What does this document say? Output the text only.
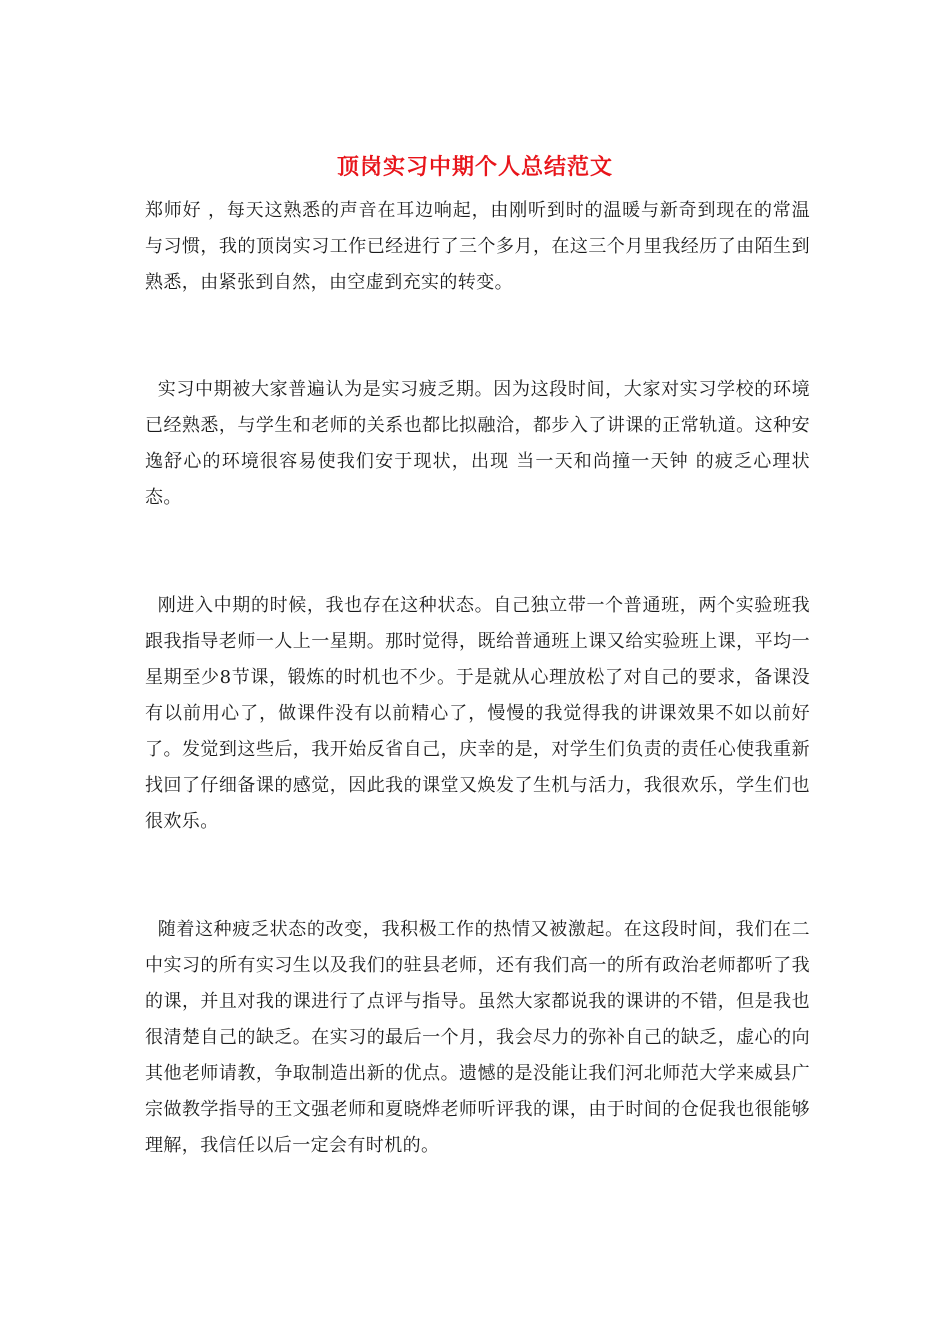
顶岗实习中期个人总结范文

郑师好 ，每天这熟悉的声音在耳边响起，由刚听到时的温暖与新奇到现在的常温与习惯，我的顶岗实习工作已经进行了三个多月，在这三个月里我经历了由陌生到熟悉，由紧张到自然，由空虚到充实的转变。

实习中期被大家普遍认为是实习疲乏期。因为这段时间，大家对实习学校的环境已经熟悉，与学生和老师的关系也都比拟融洽，都步入了讲课的正常轨道。这种安逸舒心的环境很容易使我们安于现状，出现 当一天和尚撞一天钟 的疲乏心理状态。

刚进入中期的时候，我也存在这种状态。自己独立带一个普通班，两个实验班我跟我指导老师一人上一星期。那时觉得，既给普通班上课又给实验班上课，平均一星期至少8节课，锻炼的时机也不少。于是就从心理放松了对自己的要求，备课没有以前用心了，做课件没有以前精心了，慢慢的我觉得我的讲课效果不如以前好了。发觉到这些后，我开始反省自己，庆幸的是，对学生们负责的责任心使我重新找回了仔细备课的感觉，因此我的课堂又焕发了生机与活力，我很欢乐，学生们也很欢乐。

随着这种疲乏状态的改变，我积极工作的热情又被激起。在这段时间，我们在二中实习的所有实习生以及我们的驻县老师，还有我们高一的所有政治老师都听了我的课，并且对我的课进行了点评与指导。虽然大家都说我的课讲的不错，但是我也很清楚自己的缺乏。在实习的最后一个月，我会尽力的弥补自己的缺乏，虚心的向其他老师请教，争取制造出新的优点。遗憾的是没能让我们河北师范大学来威县广宗做教学指导的王文强老师和夏晓烨老师听评我的课，由于时间的仓促我也很能够理解，我信任以后一定会有时机的。
